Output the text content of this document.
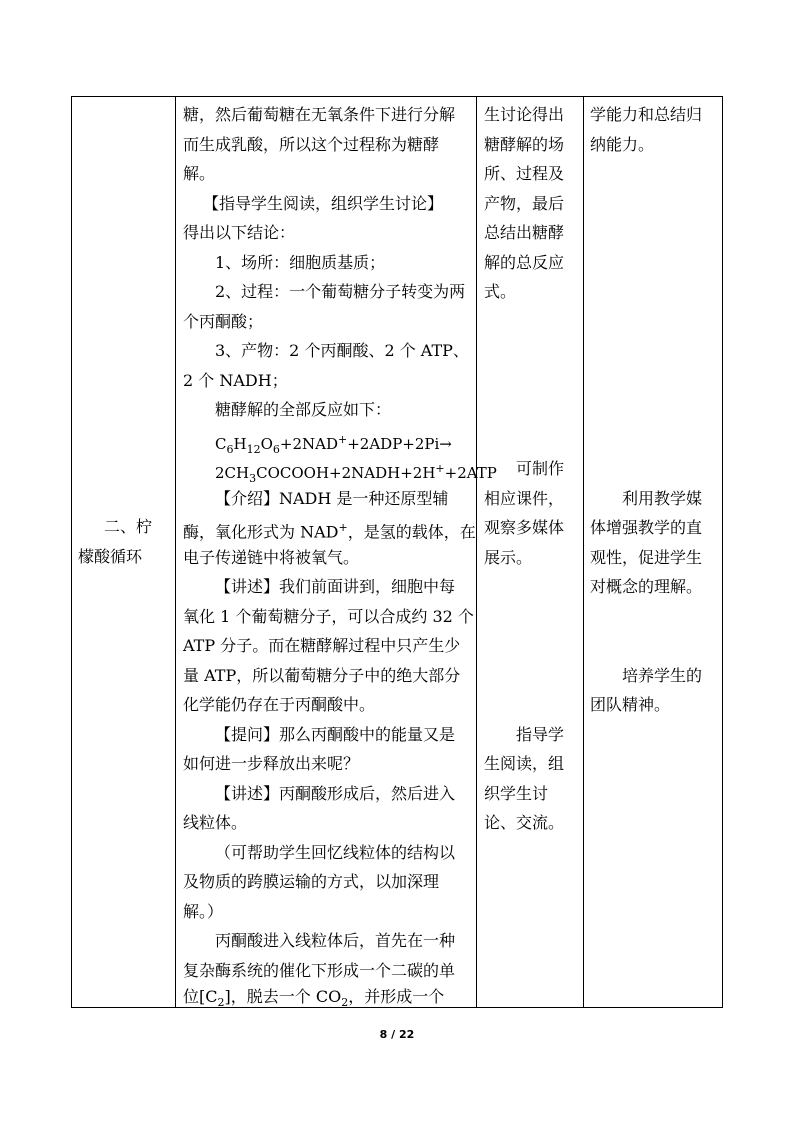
二、柠
檬酸循环
糖，然后葡萄糖在无氧条件下进行分解
而生成乳酸，所以这个过程称为糖酵
解。
【指导学生阅读，组织学生讨论】
得出以下结论：
1、场所：细胞质基质；
2、过程：一个葡萄糖分子转变为两
个丙酮酸；
3、产物：2 个丙酮酸、2 个 ATP、
2 个 NADH；
糖酵解的全部反应如下：
$C_6H_{12}O_6+2NAD^++2ADP+2Pi\to$
$2CH_3COCOOH+2NADH+2H^++2ATP$
【介绍】NADH 是一种还原型辅
酶，氧化形式为 NAD+，是氢的载体，在
电子传递链中将被氧气。
【讲述】我们前面讲到，细胞中每
氧化 1 个葡萄糖分子，可以合成约 32 个
ATP 分子。而在糖酵解过程中只产生少
量 ATP，所以葡萄糖分子中的绝大部分
化学能仍存在于丙酮酸中。
【提问】那么丙酮酸中的能量又是
如何进一步释放出来呢？
【讲述】丙酮酸形成后，然后进入
线粒体。
（可帮助学生回忆线粒体的结构以
及物质的跨膜运输的方式，以加深理
解。）
丙酮酸进入线粒体后，首先在一种
复杂酶系统的催化下形成一个二碳的单
位$[C_2]$，脱去一个 $CO_2$，并形成一个
生讨论得出
糖酵解的场
所、过程及
产物，最后
总结出糖酵
解的总反应
式。
可制作
相应课件，
观察多媒体
展示。
指导学
生阅读，组
织学生讨
论、交流。
学能力和总结归
纳能力。
利用教学媒
体增强教学的直
观性，促进学生
对概念的理解。
培养学生的
团队精神。
8 / 22
